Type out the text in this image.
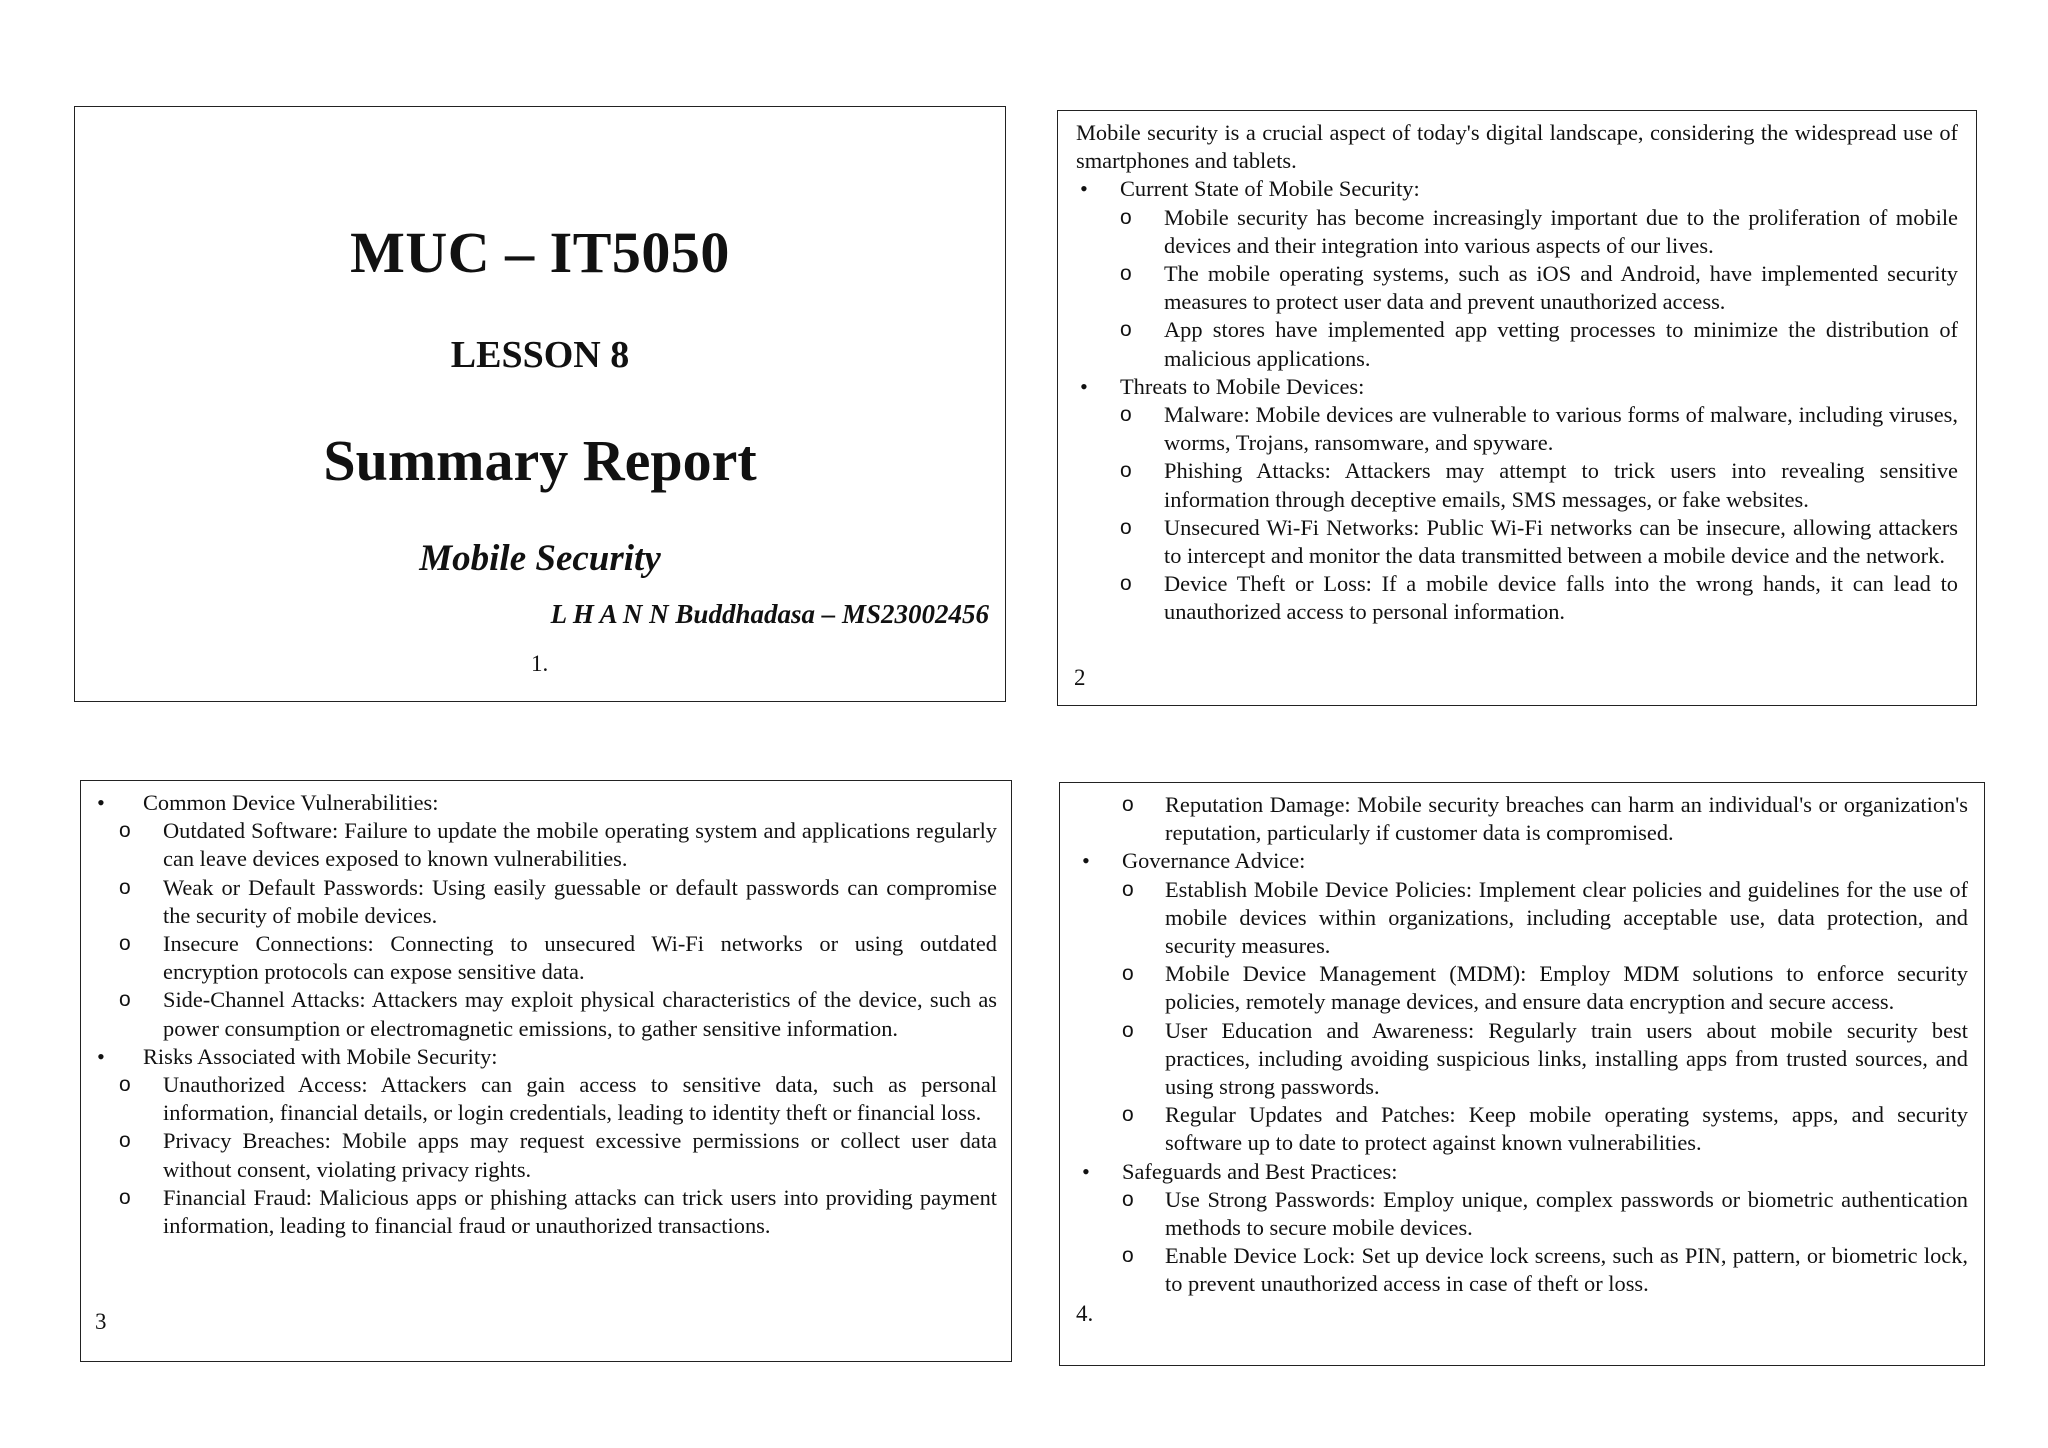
MUC – IT5050
LESSON 8
Summary Report
Mobile Security
L H A N N Buddhadasa – MS23002456
1.

Mobile security is a crucial aspect of today's digital landscape, considering the widespread use of smartphones and tablets.

•	Current State of Mobile Security:
o Mobile security has become increasingly important due to the proliferation of mobile devices and their integration into various aspects of our lives.
o The mobile operating systems, such as iOS and Android, have implemented security measures to protect user data and prevent unauthorized access.
o App stores have implemented app vetting processes to minimize the distribution of malicious applications.
•	Threats to Mobile Devices:
o Malware: Mobile devices are vulnerable to various forms of malware, including viruses, worms, Trojans, ransomware, and spyware.
o Phishing Attacks: Attackers may attempt to trick users into revealing sensitive information through deceptive emails, SMS messages, or fake websites.
o Unsecured Wi-Fi Networks: Public Wi-Fi networks can be insecure, allowing attackers to intercept and monitor the data transmitted between a mobile device and the network.
o Device Theft or Loss: If a mobile device falls into the wrong hands, it can lead to unauthorized access to personal information.
2
•	Common Device Vulnerabilities:
o Outdated Software: Failure to update the mobile operating system and applications regularly can leave devices exposed to known vulnerabilities.
o Weak or Default Passwords: Using easily guessable or default passwords can compromise the security of mobile devices.
o Insecure Connections: Connecting to unsecured Wi-Fi networks or using outdated encryption protocols can expose sensitive data.
o Side-Channel Attacks: Attackers may exploit physical characteristics of the device, such as power consumption or electromagnetic emissions, to gather sensitive information.
•	Risks Associated with Mobile Security:
o Unauthorized Access: Attackers can gain access to sensitive data, such as personal information, financial details, or login credentials, leading to identity theft or financial loss.
o Privacy Breaches: Mobile apps may request excessive permissions or collect user data without consent, violating privacy rights.
o Financial Fraud: Malicious apps or phishing attacks can trick users into providing payment information, leading to financial fraud or unauthorized transactions.
3
o Reputation Damage: Mobile security breaches can harm an individual's or organization's reputation, particularly if customer data is compromised.
•	Governance Advice:
o Establish Mobile Device Policies: Implement clear policies and guidelines for the use of mobile devices within organizations, including acceptable use, data protection, and security measures.
o Mobile Device Management (MDM): Employ MDM solutions to enforce security policies, remotely manage devices, and ensure data encryption and secure access.
o User Education and Awareness: Regularly train users about mobile security best practices, including avoiding suspicious links, installing apps from trusted sources, and using strong passwords.
o Regular Updates and Patches: Keep mobile operating systems, apps, and security software up to date to protect against known vulnerabilities.
•	Safeguards and Best Practices:
o Use Strong Passwords: Employ unique, complex passwords or biometric authentication methods to secure mobile devices.
o Enable Device Lock: Set up device lock screens, such as PIN, pattern, or biometric lock, to prevent unauthorized access in case of theft or loss.
4.
